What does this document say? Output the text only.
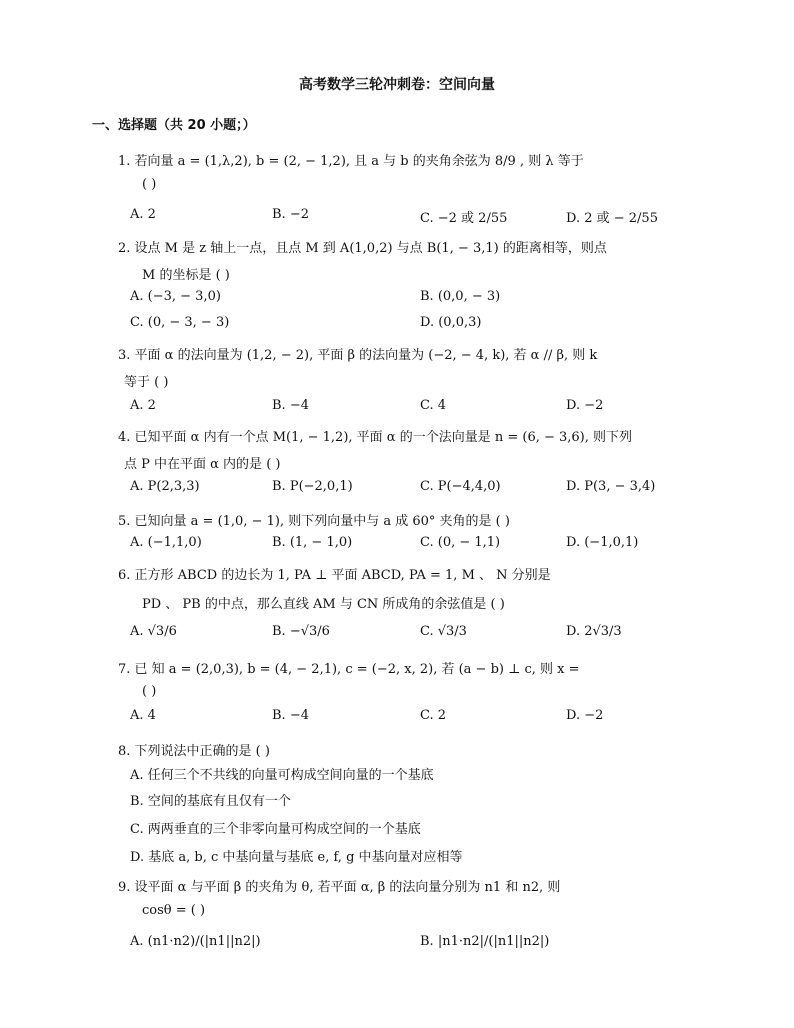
高考数学三轮冲刺卷：空间向量
一、选择题（共 20 小题；）
1. 若向量 a = (1,λ,2), b = (2, − 1,2), 且 a 与 b 的夹角余弦为 8/9 , 则 λ 等于
( )
A. 2	B. −2	C. −2 或 2/55	D. 2 或 − 2/55
2. 设点 M 是 z 轴上一点，且点 M 到 A(1,0,2) 与点 B(1, − 3,1) 的距离相等，则点
M 的坐标是 ( )
A. (−3, − 3,0)	B. (0,0, − 3)
C. (0, − 3, − 3)	D. (0,0,3)
3. 平面 α 的法向量为 (1,2, − 2), 平面 β 的法向量为 (−2, − 4, k), 若 α // β, 则 k
等于 ( )
A. 2	B. −4	C. 4	D. −2
4. 已知平面 α 内有一个点 M(1, − 1,2), 平面 α 的一个法向量是 n = (6, − 3,6), 则下列
点 P 中在平面 α 内的是 ( )
A. P(2,3,3)	B. P(−2,0,1)	C. P(−4,4,0)	D. P(3, − 3,4)
5. 已知向量 a = (1,0, − 1), 则下列向量中与 a 成 60° 夹角的是 ( )
A. (−1,1,0)	B. (1, − 1,0)	C. (0, − 1,1)	D. (−1,0,1)
6. 正方形 ABCD 的边长为 1, PA ⊥ 平面 ABCD, PA = 1, M 、 N 分别是
PD 、 PB 的中点，那么直线 AM 与 CN 所成角的余弦值是 ( )
A. √3/6	B. −√3/6	C. √3/3	D. 2√3/3
7. 已 知 a = (2,0,3), b = (4, − 2,1), c = (−2, x, 2), 若 (a − b) ⊥ c, 则 x =
( )
A. 4	B. −4	C. 2	D. −2
8. 下列说法中正确的是 ( )
A. 任何三个不共线的向量可构成空间向量的一个基底
B. 空间的基底有且仅有一个
C. 两两垂直的三个非零向量可构成空间的一个基底
D. 基底 a, b, c 中基向量与基底 e, f, g 中基向量对应相等
9. 设平面 α 与平面 β 的夹角为 θ, 若平面 α, β 的法向量分别为 n1 和 n2, 则
cosθ = ( )
A. (n1·n2)/(|n1||n2|)	B. |n1·n2|/(|n1||n2|)
